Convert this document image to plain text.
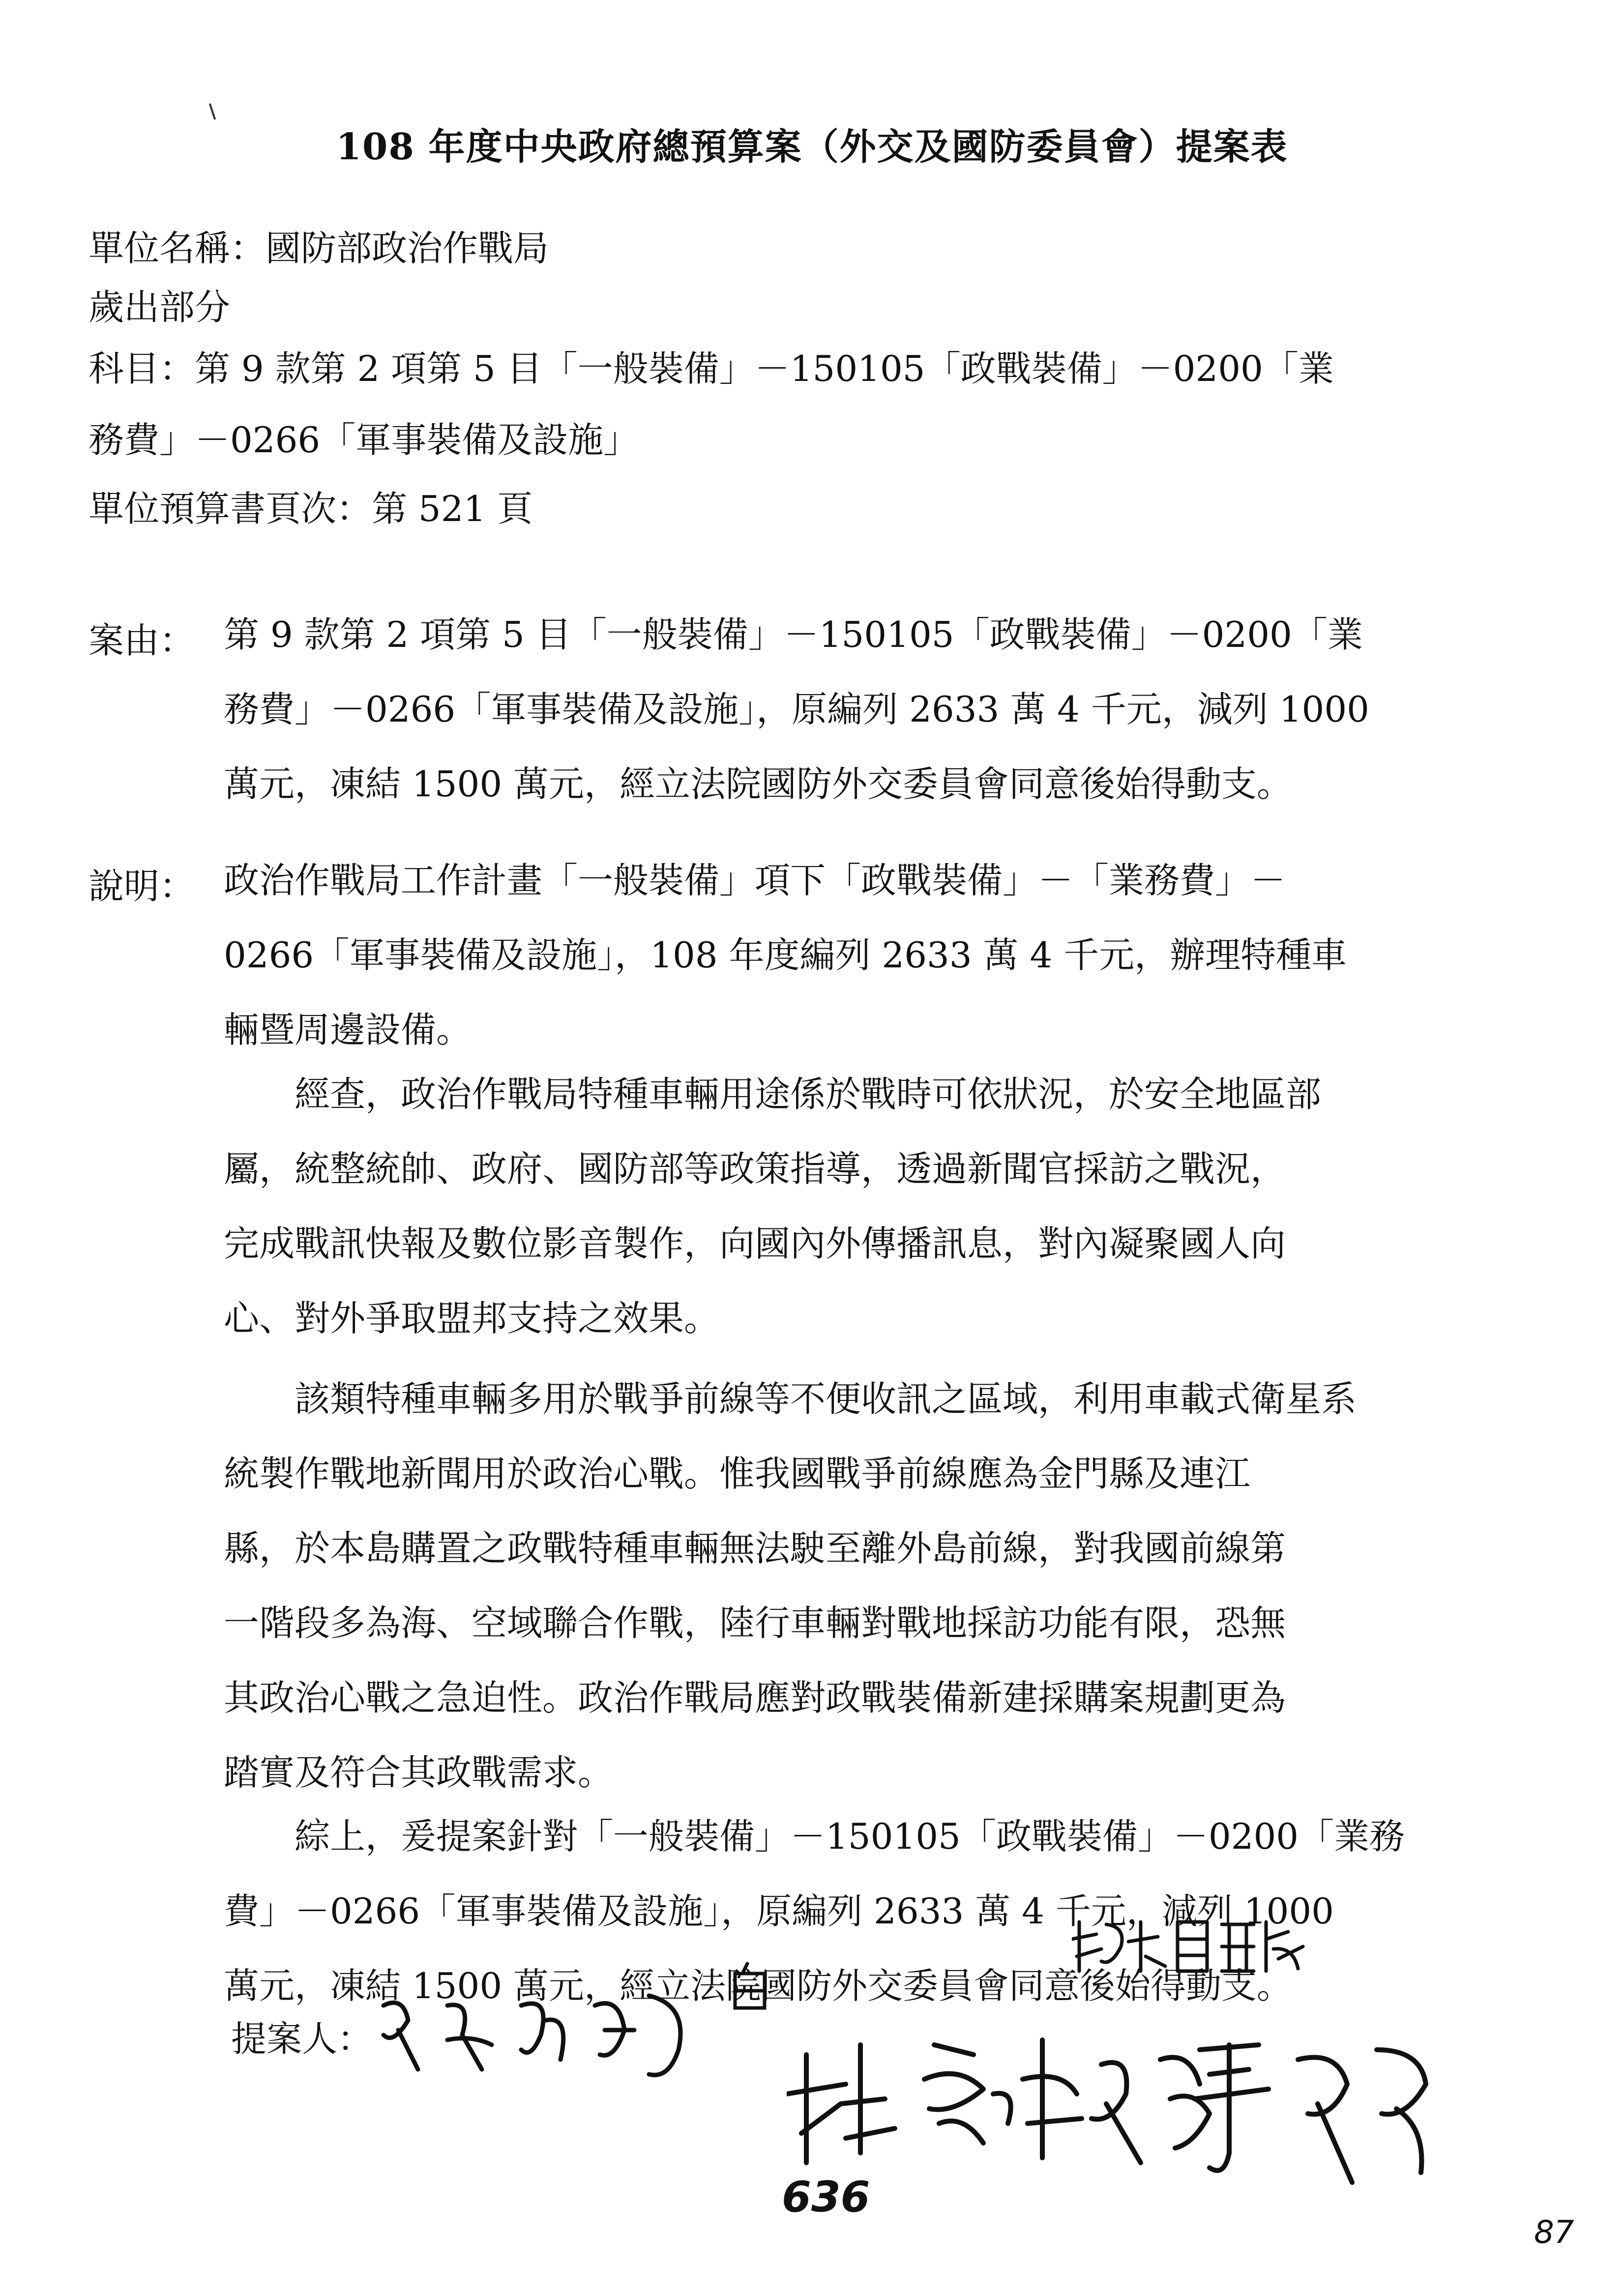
108 年度中央政府總預算案（外交及國防委員會）提案表
單位名稱：國防部政治作戰局
歲出部分
科目：第 9 款第 2 項第 5 目「一般裝備」－150105「政戰裝備」－0200「業
務費」－0266「軍事裝備及設施」
單位預算書頁次：第 521 頁
案由： 第 9 款第 2 項第 5 目「一般裝備」－150105「政戰裝備」－0200「業
務費」－0266「軍事裝備及設施」，原編列 2633 萬 4 千元，減列 1000
萬元，凍結 1500 萬元，經立法院國防外交委員會同意後始得動支。
說明： 政治作戰局工作計畫「一般裝備」項下「政戰裝備」－「業務費」－
0266「軍事裝備及設施」，108 年度編列 2633 萬 4 千元，辦理特種車
輛暨周邊設備。
　　經查，政治作戰局特種車輛用途係於戰時可依狀況，於安全地區部
屬，統整統帥、政府、國防部等政策指導，透過新聞官採訪之戰況，
完成戰訊快報及數位影音製作，向國內外傳播訊息，對內凝聚國人向
心、對外爭取盟邦支持之效果。
　　該類特種車輛多用於戰爭前線等不便收訊之區域，利用車載式衛星系
統製作戰地新聞用於政治心戰。惟我國戰爭前線應為金門縣及連江
縣，於本島購置之政戰特種車輛無法駛至離外島前線，對我國前線第
一階段多為海、空域聯合作戰，陸行車輛對戰地採訪功能有限，恐無
其政治心戰之急迫性。政治作戰局應對政戰裝備新建採購案規劃更為
踏實及符合其政戰需求。
　　綜上，爰提案針對「一般裝備」－150105「政戰裝備」－0200「業務
費」－0266「軍事裝備及設施」，原編列 2633 萬 4 千元，減列 1000
萬元，凍結 1500 萬元，經立法院國防外交委員會同意後始得動支。
提案人：
636
87
